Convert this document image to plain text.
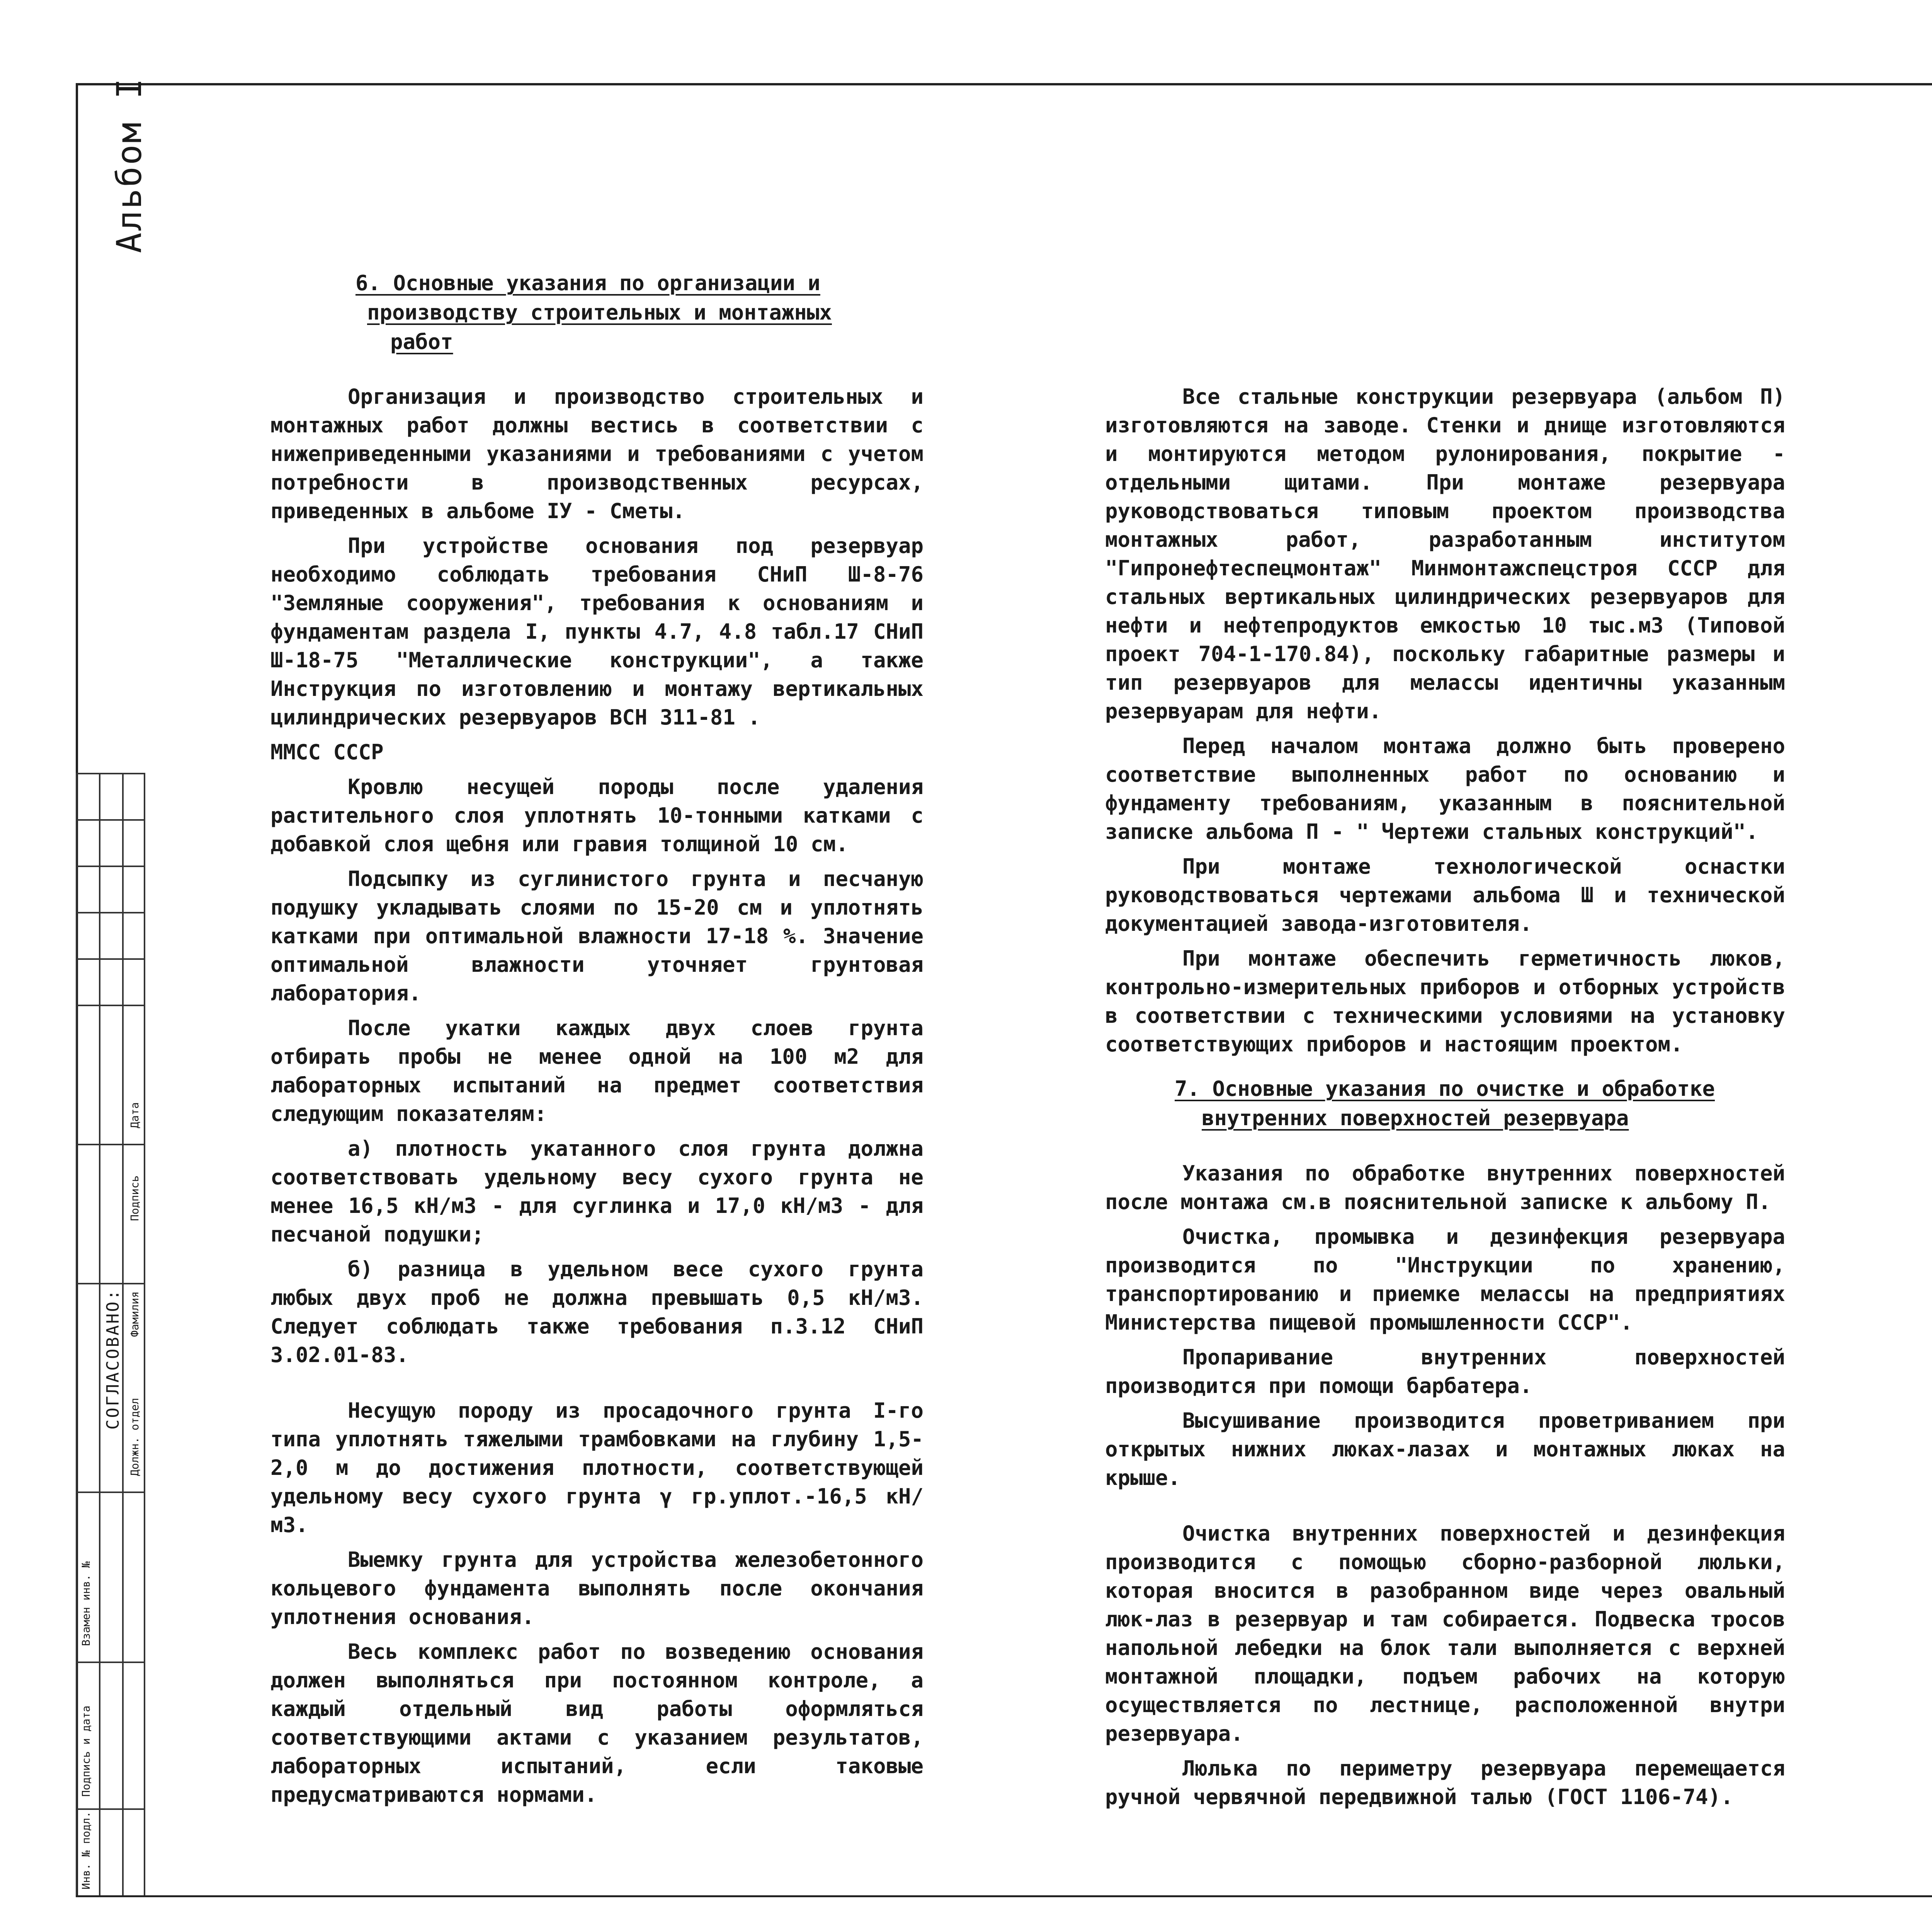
Альбом I
СОГЛАСОВАНО:
Должн. отдел
Фамилия
Подпись
Дата
Взамен инв. №
Подпись и дата
Инв. № подл.
6. Основные указания по организации и
производству строительных и монтажных
работ

Организация и производство строительных и монтажных работ должны вестись в соответствии с нижеприведенными указаниями и требованиями с учетом потребности в производственных ресурсах, приведенных в альбоме IУ - Сметы.

При устройстве основания под резервуар необходимо соблюдать требования СНиП Ш-8-76 "Земляные сооружения", требования к основаниям и фундаментам раздела I, пункты 4.7, 4.8 табл.17 СНиП Ш-18-75 "Металлические конструкции", а также Инструкция по изготовлению и монтажу вертикальных цилиндрических резервуаров ВСН 311-81 .

ММСС СССР

Кровлю несущей породы после удаления растительного слоя уплотнять 10-тонными катками с добавкой слоя щебня или гравия толщиной 10 см.

Подсыпку из суглинистого грунта и песчаную подушку укладывать слоями по 15-20 см и уплотнять катками при оптимальной влажности 17-18 %. Значение оптимальной влажности уточняет грунтовая лаборатория.

После укатки каждых двух слоев грунта отбирать пробы не менее одной на 100 м2 для лабораторных испытаний на предмет соответствия следующим показателям:

а) плотность укатанного слоя грунта должна соответствовать удельному весу сухого грунта не менее 16,5 кН/м3 - для суглинка и 17,0 кН/м3 - для песчаной подушки;

б) разница в удельном весе сухого грунта любых двух проб не должна превышать 0,5 кН/м3. Следует соблюдать также требования п.3.12 СНиП 3.02.01-83.

Несущую породу из просадочного грунта I-го типа уплотнять тяжелыми трамбовками на глубину 1,5-2,0 м до достижения плотности, соответствующей удельному весу сухого грунта γ гр.уплот.-16,5 кН/м3.

Выемку грунта для устройства железобетонного кольцевого фундамента выполнять после окончания уплотнения основания.

Весь комплекс работ по возведению основания должен выполняться при постоянном контроле, а каждый отдельный вид работы оформляться соответствующими актами с указанием результатов, лабораторных испытаний, если таковые предусматриваются нормами.

Все стальные конструкции резервуара (альбом П) изготовляются на заводе. Стенки и днище изготовляются и монтируются методом рулонирования, покрытие - отдельными щитами. При монтаже резервуара руководствоваться типовым проектом производства монтажных работ, разработанным институтом "Гипронефтеспецмонтаж" Минмонтажспецстроя СССР для стальных вертикальных цилиндрических резервуаров для нефти и нефтепродуктов емкостью 10 тыс.м3 (Типовой проект 704-1-170.84), поскольку габаритные размеры и тип резервуаров для мелассы идентичны указанным резервуарам для нефти.

Перед началом монтажа должно быть проверено соответствие выполненных работ по основанию и фундаменту требованиям, указанным в пояснительной записке альбома П - " Чертежи стальных конструкций".

При монтаже технологической оснастки руководствоваться чертежами альбома Ш и технической документацией завода-изготовителя.

При монтаже обеспечить герметичность люков, контрольно-измерительных приборов и отборных устройств в соответствии с техническими условиями на установку соответствующих приборов и настоящим проектом.

7. Основные указания по очистке и обработке
внутренних поверхностей резервуара

Указания по обработке внутренних поверхностей после монтажа см.в пояснительной записке к альбому П.

Очистка, промывка и дезинфекция резервуара производится по "Инструкции по хранению, транспортированию и приемке мелассы на предприятиях Министерства пищевой промышленности СССР".

Пропаривание внутренних поверхностей производится при помощи барбатера.

Высушивание производится проветриванием при открытых нижних люках-лазах и монтажных люках на крыше.

Очистка внутренних поверхностей и дезинфекция производится с помощью сборно-разборной люльки, которая вносится в разобранном виде через овальный люк-лаз в резервуар и там собирается. Подвеска тросов напольной лебедки на блок тали выполняется с верхней монтажной площадки, подъем рабочих на которую осуществляется по лестнице, расположенной внутри резервуара.

Люлька по периметру резервуара перемещается ручной червячной передвижной талью (ГОСТ 1106-74).
